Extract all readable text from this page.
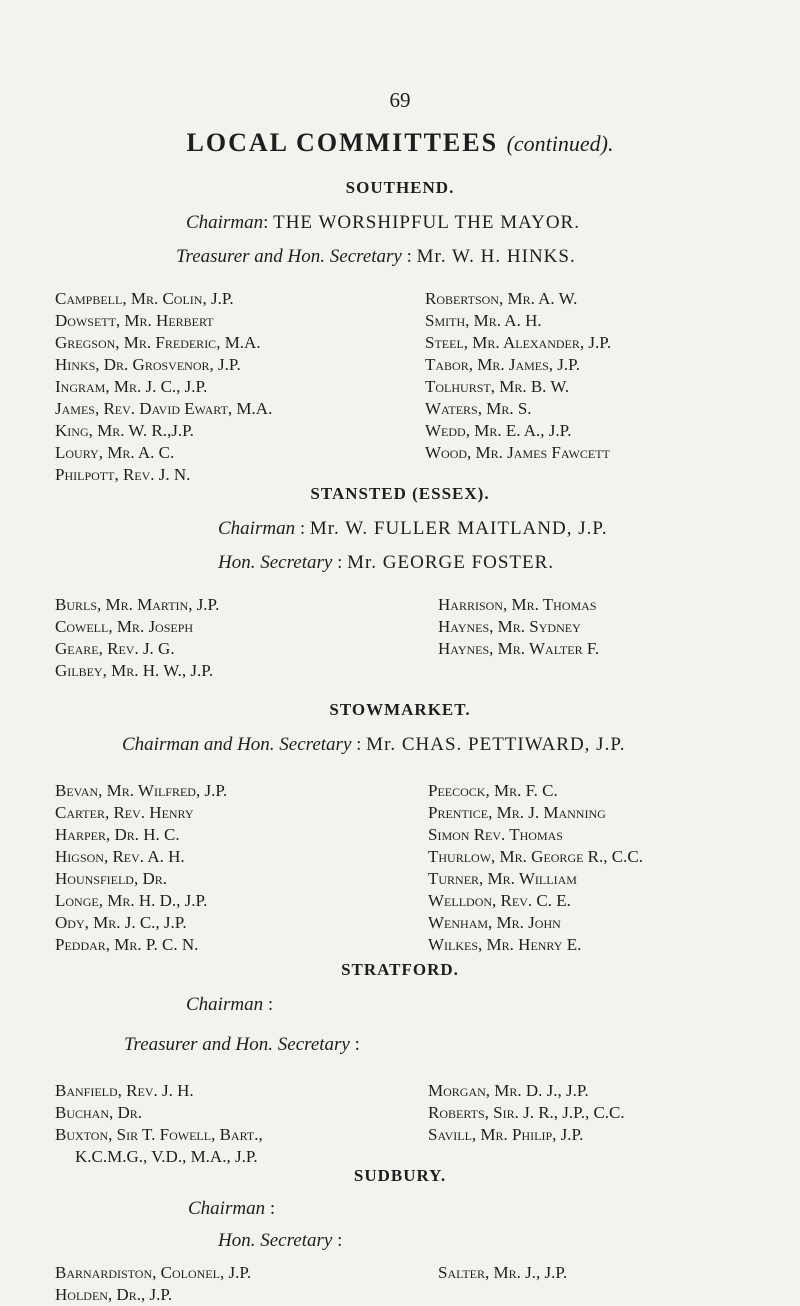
69
LOCAL COMMITTEES (continued).
SOUTHEND.
Chairman: THE WORSHIPFUL THE MAYOR.
Treasurer and Hon. Secretary : Mr. W. H. HINKS.
Campbell, Mr. Colin, J.P.
Dowsett, Mr. Herbert
Gregson, Mr. Frederic, M.A.
Hinks, Dr. Grosvenor, J.P.
Ingram, Mr. J. C., J.P.
James, Rev. David Ewart, M.A.
King, Mr. W. R.,J.P.
Loury, Mr. A. C.
Philpott, Rev. J. N.
Robertson, Mr. A. W.
Smith, Mr. A. H.
Steel, Mr. Alexander, J.P.
Tabor, Mr. James, J.P.
Tolhurst, Mr. B. W.
Waters, Mr. S.
Wedd, Mr. E. A., J.P.
Wood, Mr. James Fawcett
STANSTED (ESSEX).
Chairman : Mr. W. FULLER MAITLAND, J.P.
Hon. Secretary : Mr. GEORGE FOSTER.
Burls, Mr. Martin, J.P.
Cowell, Mr. Joseph
Geare, Rev. J. G.
Gilbey, Mr. H. W., J.P.
Harrison, Mr. Thomas
Haynes, Mr. Sydney
Haynes, Mr. Walter F.
STOWMARKET.
Chairman and Hon. Secretary : Mr. CHAS. PETTIWARD, J.P.
Bevan, Mr. Wilfred, J.P.
Carter, Rev. Henry
Harper, Dr. H. C.
Higson, Rev. A. H.
Hounsfield, Dr.
Longe, Mr. H. D., J.P.
Ody, Mr. J. C., J.P.
Peddar, Mr. P. C. N.
Peecock, Mr. F. C.
Prentice, Mr. J. Manning
Simon Rev. Thomas
Thurlow, Mr. George R., C.C.
Turner, Mr. William
Welldon, Rev. C. E.
Wenham, Mr. John
Wilkes, Mr. Henry E.
STRATFORD.
Chairman :
Treasurer and Hon. Secretary :
Banfield, Rev. J. H.
Buchan, Dr.
Buxton, Sir T. Fowell, Bart.,
K.C.M.G., V.D., M.A., J.P.
Morgan, Mr. D. J., J.P.
Roberts, Sir. J. R., J.P., C.C.
Savill, Mr. Philip, J.P.
SUDBURY.
Chairman :
Hon. Secretary :
Barnardiston, Colonel, J.P.
Holden, Dr., J.P.
Salter, Mr. J., J.P.
